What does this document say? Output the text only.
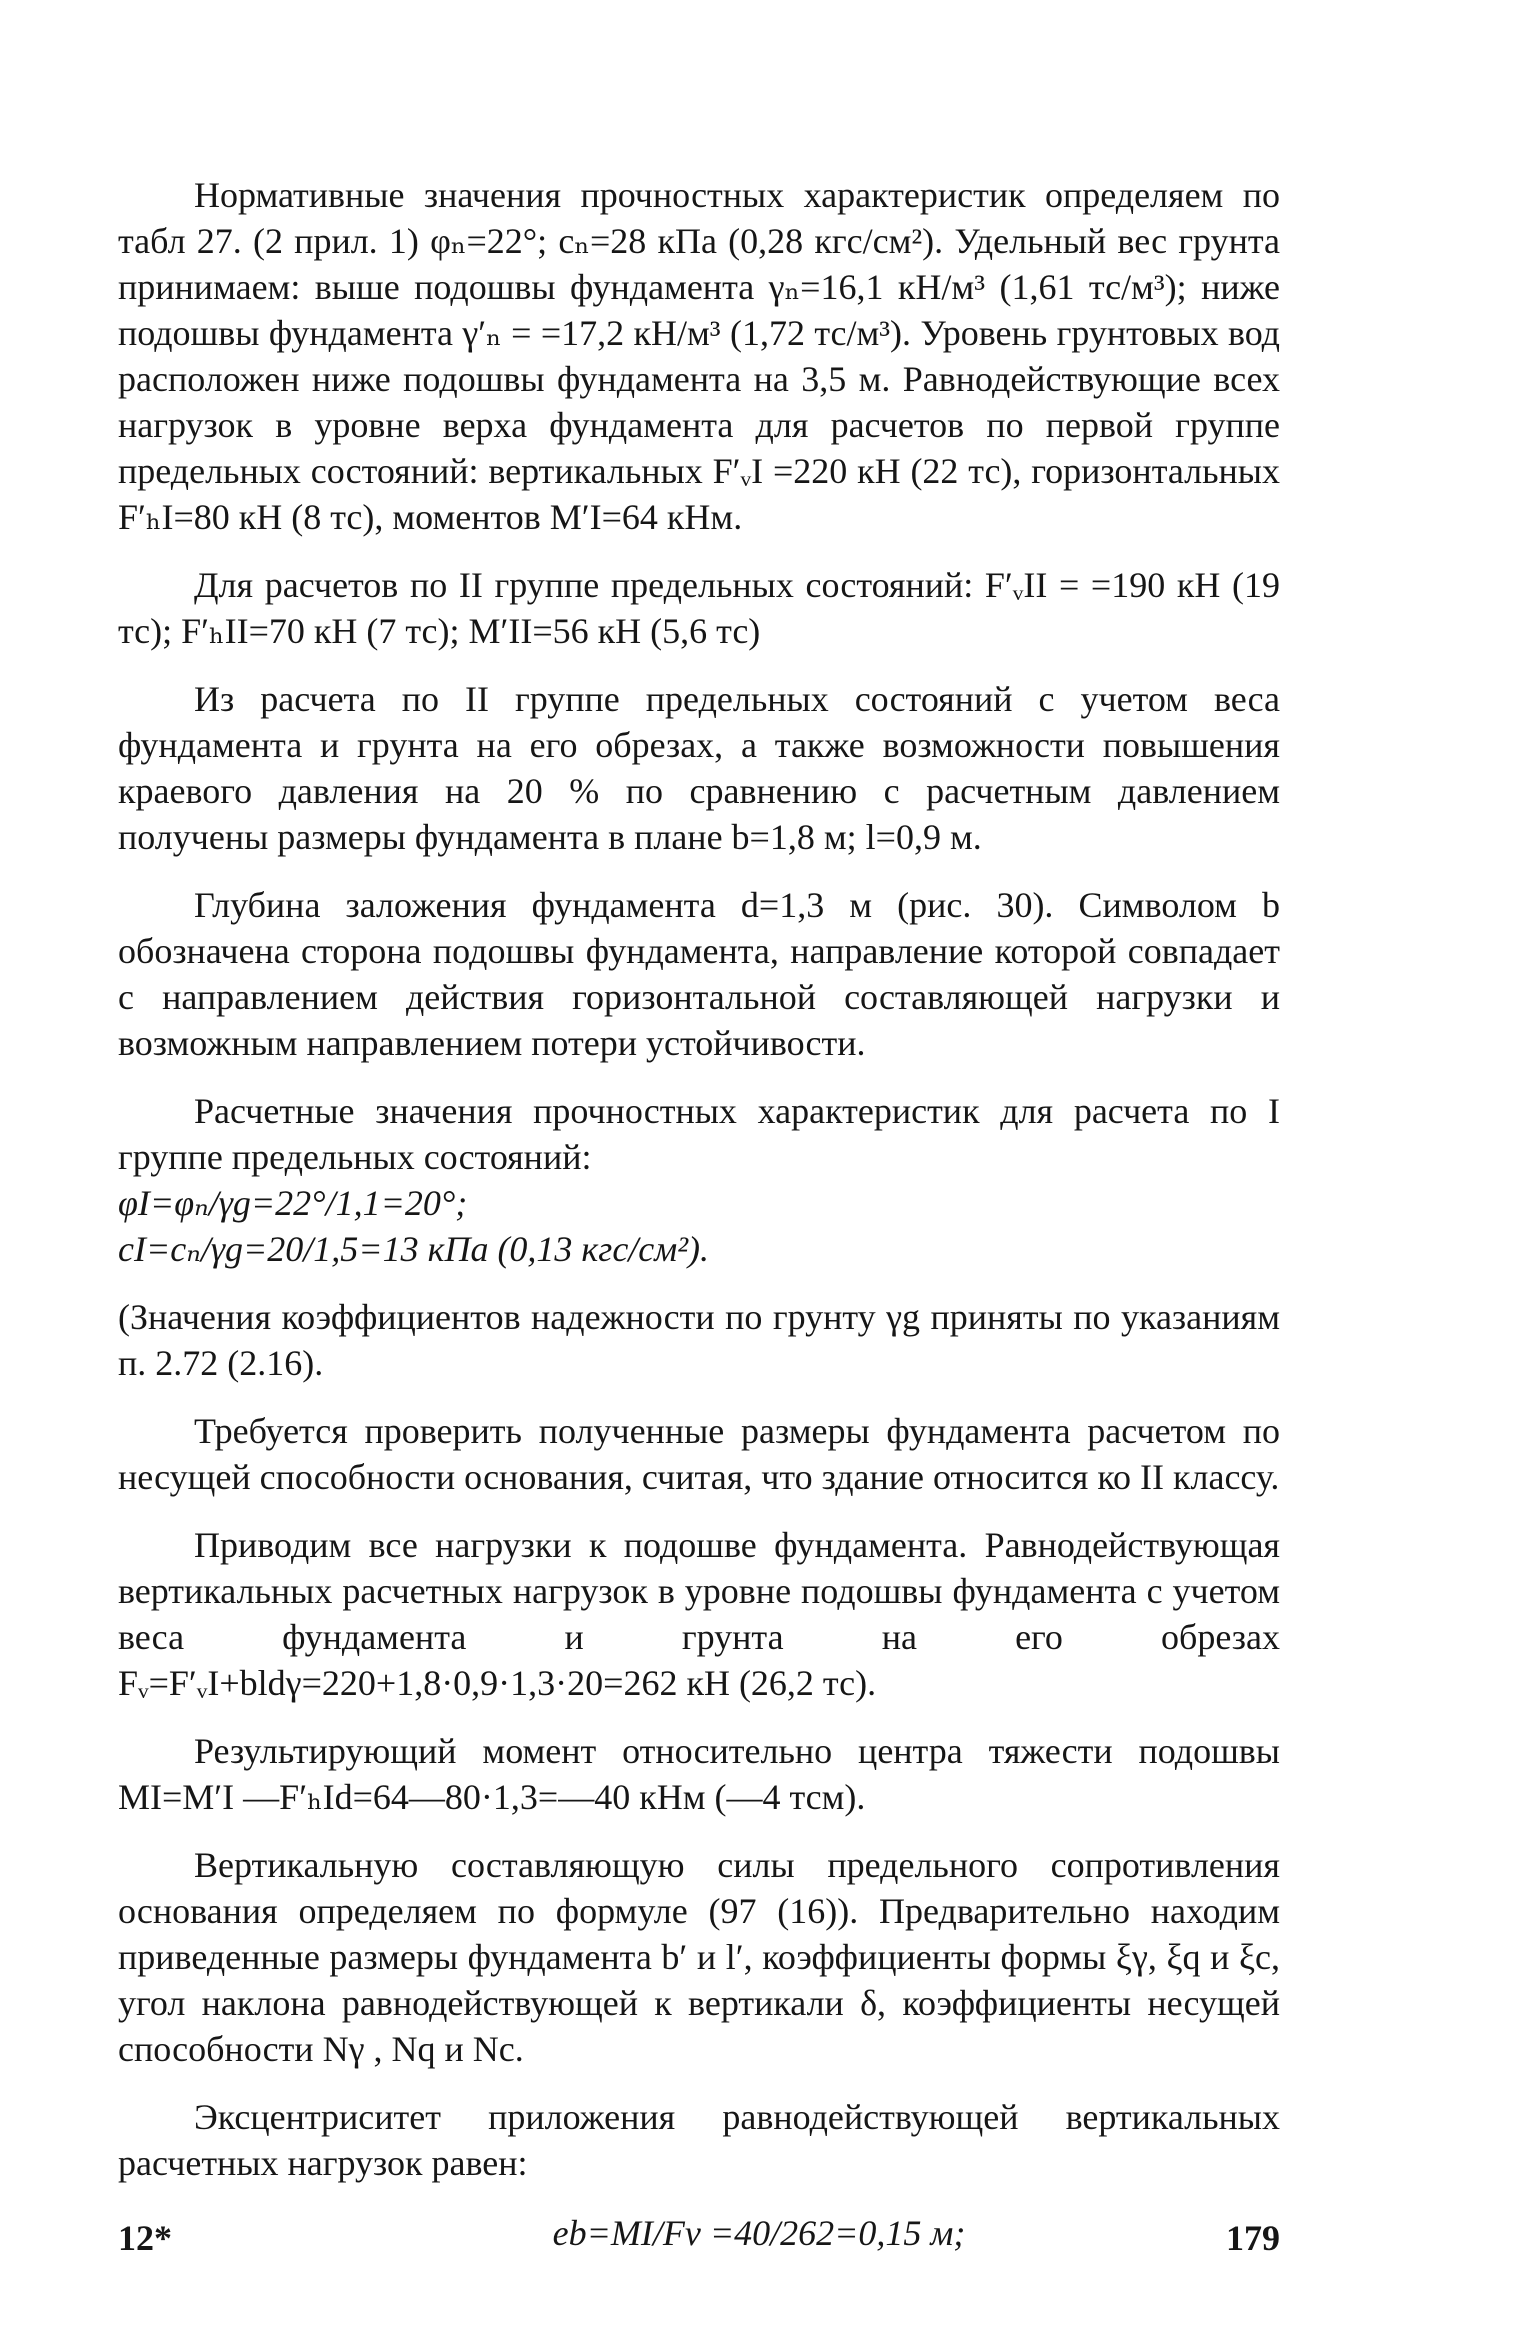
Нормативные значения прочностных характеристик определяем по табл 27. (2 прил. 1) φₙ=22°; cₙ=28 кПа (0,28 кгс/см²). Удельный вес грунта принимаем: выше подошвы фундамента γₙ=16,1 кН/м³ (1,61 тс/м³); ниже подошвы фундамента γ′ₙ = =17,2 кН/м³ (1,72 тс/м³). Уровень грунтовых вод расположен ниже подошвы фундамента на 3,5 м. Равнодействующие всех нагрузок в уровне верха фундамента для расчетов по первой группе предельных состояний: вертикальных F′ᵥI =220 кН (22 тс), горизонтальных F′ₕI=80 кН (8 тс), моментов M′I=64 кНм.

Для расчетов по II группе предельных состояний: F′ᵥII = =190 кН (19 тс); F′ₕII=70 кН (7 тс); M′II=56 кН (5,6 тс)

Из расчета по II группе предельных состояний с учетом веса фундамента и грунта на его обрезах, а также возможности повышения краевого давления на 20 % по сравнению с расчетным давлением получены размеры фундамента в плане b=1,8 м; l=0,9 м.

Глубина заложения фундамента d=1,3 м (рис. 30). Символом b обозначена сторона подошвы фундамента, направление которой совпадает с направлением действия горизонтальной составляющей нагрузки и возможным направлением потери устойчивости.

Расчетные значения прочностных характеристик для расчета по I группе предельных состояний:

φI=φₙ/γg=22°/1,1=20°;

cI=cₙ/γg=20/1,5=13 кПа (0,13 кгс/см²).

(Значения коэффициентов надежности по грунту γg приняты по указаниям п. 2.72 (2.16).

Требуется проверить полученные размеры фундамента расчетом по несущей способности основания, считая, что здание относится ко II классу.

Приводим все нагрузки к подошве фундамента. Равнодействующая вертикальных расчетных нагрузок в уровне подошвы фундамента с учетом веса фундамента и грунта на его обрезах Fᵥ=F′ᵥI+bldγ=220+1,8·0,9·1,3·20=262 кН (26,2 тс).

Результирующий момент относительно центра тяжести подошвы MI=M′I —F′ₕId=64—80·1,3=—40 кНм (—4 тсм).

Вертикальную составляющую силы предельного сопротивления основания определяем по формуле (97 (16)). Предварительно находим приведенные размеры фундамента b′ и l′, коэффициенты формы ξγ, ξq и ξc, угол наклона равнодействующей к вертикали δ, коэффициенты несущей способности Nγ , Nq и Nc.

Эксцентриситет приложения равнодействующей вертикальных расчетных нагрузок равен:

eb=MI/Fv =40/262=0,15 м;

12*	179
